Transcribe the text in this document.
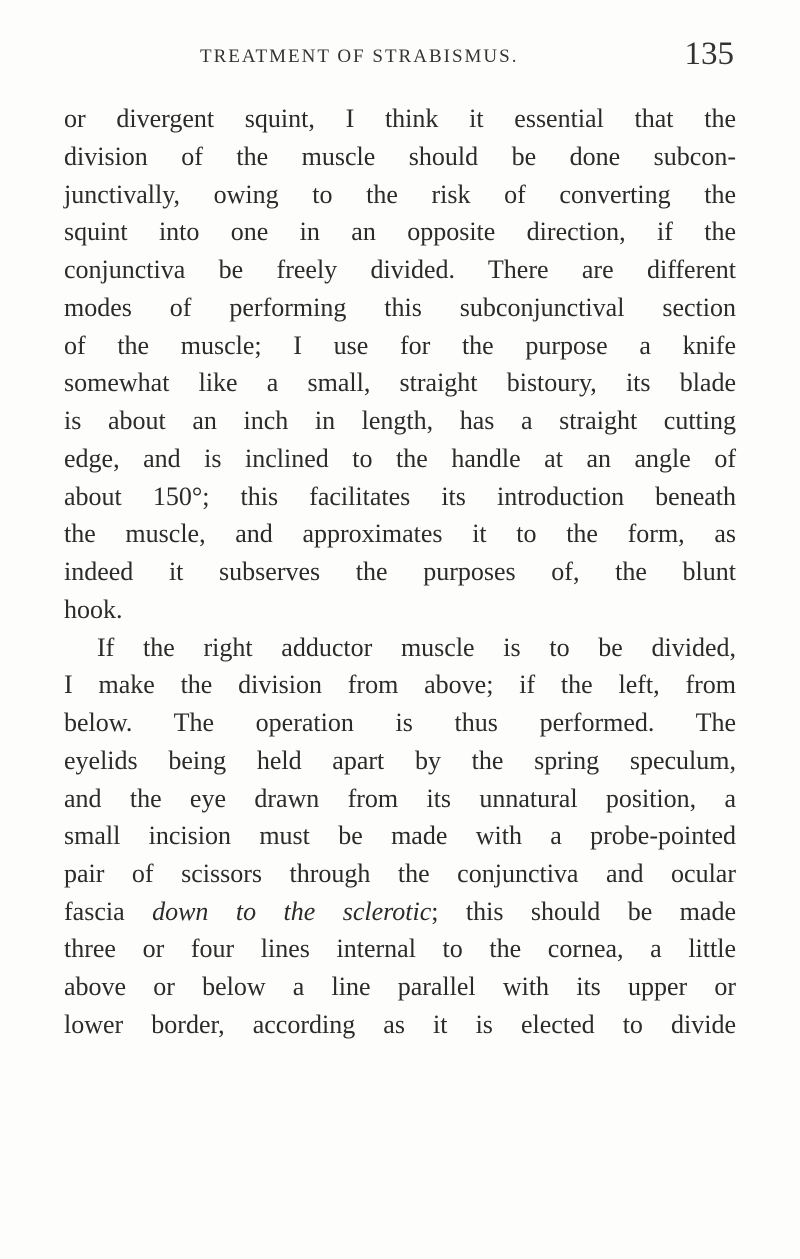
TREATMENT OF STRABISMUS.	135
or divergent squint, I think it essential that the
division of the muscle should be done subcon-
junctivally, owing to the risk of converting the
squint into one in an opposite direction, if the
conjunctiva be freely divided. There are different
modes of performing this subconjunctival section
of the muscle; I use for the purpose a knife
somewhat like a small, straight bistoury, its blade
is about an inch in length, has a straight cutting
edge, and is inclined to the handle at an angle of
about 150°; this facilitates its introduction beneath
the muscle, and approximates it to the form, as
indeed it subserves the purposes of, the blunt
hook.
If the right adductor muscle is to be divided,
I make the division from above; if the left, from
below. The operation is thus performed. The
eyelids being held apart by the spring speculum,
and the eye drawn from its unnatural position, a
small incision must be made with a probe-pointed
pair of scissors through the conjunctiva and ocular
fascia down to the sclerotic; this should be made
three or four lines internal to the cornea, a little
above or below a line parallel with its upper or
lower border, according as it is elected to divide
